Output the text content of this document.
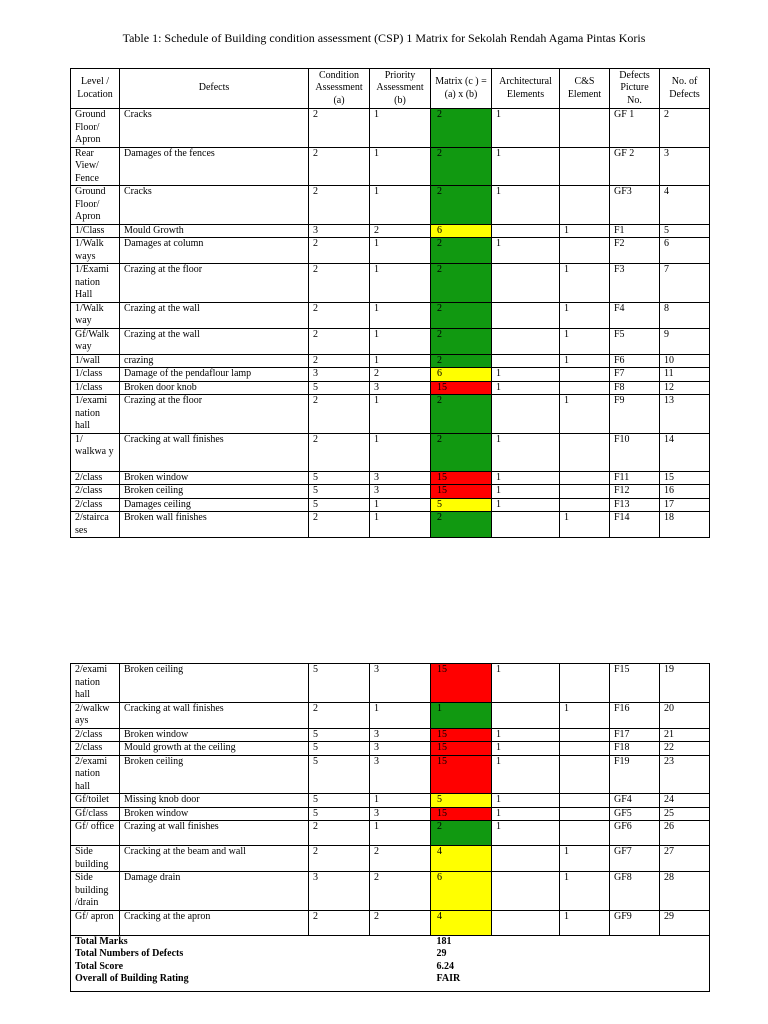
Table 1: Schedule of Building condition assessment (CSP) 1 Matrix for Sekolah Rendah Agama Pintas Koris
Level / Location	Defects	Condition Assessment (a)	Priority Assessment (b)	Matrix (c ) = (a) x (b)	Architectural Elements	C&S Element	Defects Picture No.	No. of Defects
Ground Floor/ Apron	Cracks	2	1	2	1		GF 1	2
Rear View/ Fence	Damages of the fences	2	1	2	1		GF 2	3
Ground Floor/ Apron	Cracks	2	1	2	1		GF3	4
1/Class	Mould Growth	3	2	6		1	F1	5
1/Walk ways	Damages at column	2	1	2	1		F2	6
1/Exami nation Hall	Crazing at the floor	2	1	2		1	F3	7
1/Walk way	Crazing at the wall	2	1	2		1	F4	8
Gf/Walk way	Crazing at the wall	2	1	2		1	F5	9
1/wall	crazing	2	1	2		1	F6	10
1/class	Damage of the pendaflour lamp	3	2	6	1		F7	11
1/class	Broken door knob	5	3	15	1		F8	12
1/exami nation hall	Crazing at the floor	2	1	2		1	F9	13
1/ walkwa y	Cracking at wall finishes	2	1	2	1		F10	14
2/class	Broken window	5	3	15	1		F11	15
2/class	Broken ceiling	5	3	15	1		F12	16
2/class	Damages ceiling	5	1	5	1		F13	17
2/stairca ses	Broken wall finishes	2	1	2		1	F14	18
2/exami nation hall	Broken ceiling	5	3	15	1		F15	19
2/walkw ays	Cracking at wall finishes	2	1	1		1	F16	20
2/class	Broken window	5	3	15	1		F17	21
2/class	Mould growth at the ceiling	5	3	15	1		F18	22
2/exami nation hall	Broken ceiling	5	3	15	1		F19	23
Gf/toilet	Missing knob door	5	1	5	1		GF4	24
Gf/class	Broken window	5	3	15	1		GF5	25
Gf/ office	Crazing at wall finishes	2	1	2	1		GF6	26
Side building	Cracking at the beam and wall	2	2	4		1	GF7	27
Side building /drain	Damage drain	3	2	6		1	GF8	28
Gf/ apron	Cracking at the apron	2	2	4		1	GF9	29
Total Marks				181				
Total Numbers of Defects				29				
Total Score				6.24				
Overall of Building Rating				FAIR				
